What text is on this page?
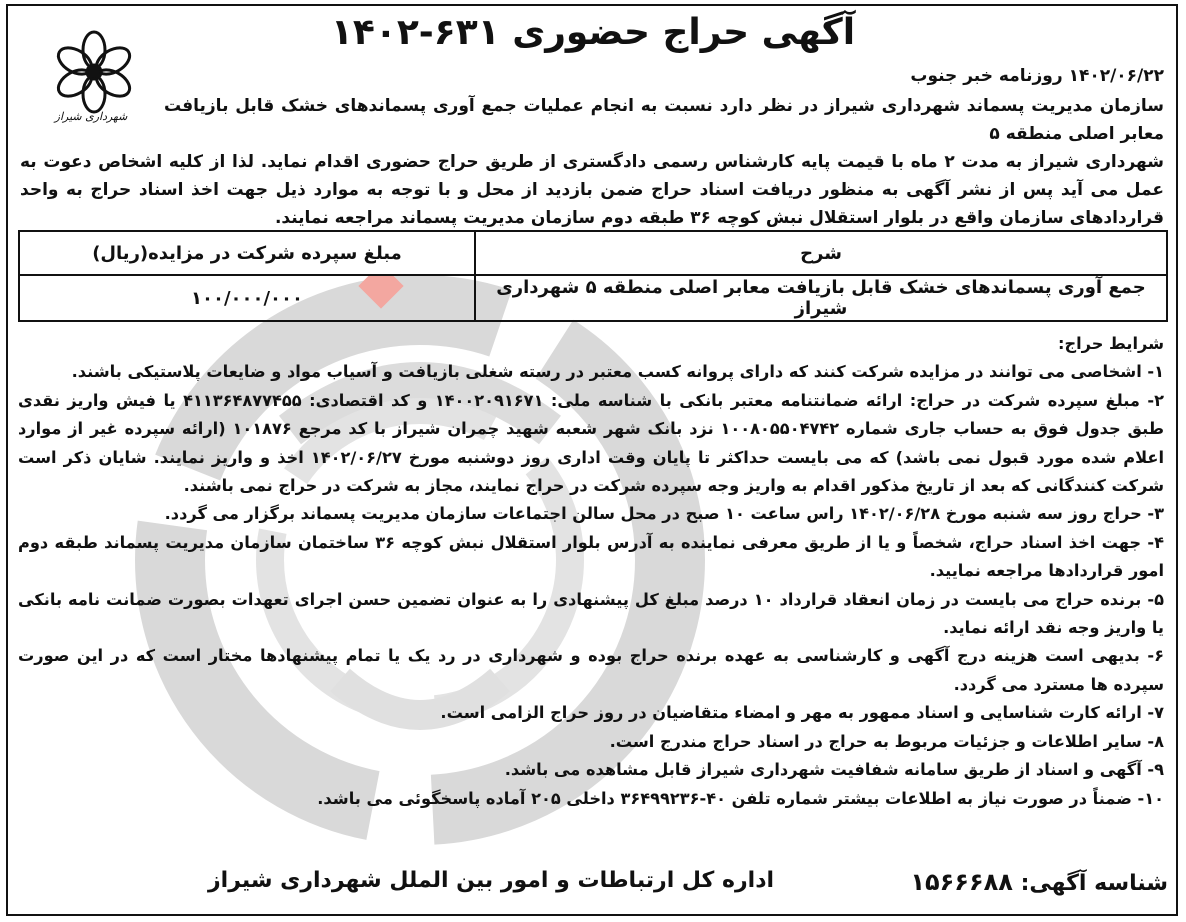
شهرداری شیراز
آگهی حراج حضوری ۶۳۱-۱۴۰۲
۱۴۰۲/۰۶/۲۲ روزنامه خبر جنوب
سازمان مدیریت پسماند شهرداری شیراز در نظر دارد نسبت به انجام عملیات جمع آوری پسماندهای خشک قابل بازیافت معابر اصلی منطقه ۵
شهرداری شیراز به مدت ۲ ماه با قیمت پایه کارشناس رسمی دادگستری از طریق حراج حضوری اقدام نماید. لذا از کلیه اشخاص دعوت به عمل می آید پس از نشر آگهی به منظور دریافت اسناد حراج ضمن بازدید از محل و با توجه به موارد ذیل جهت اخذ اسناد حراج به واحد قراردادهای سازمان واقع در بلوار استقلال نبش کوچه ۳۶ طبقه دوم سازمان مدیریت پسماند مراجعه نمایند.
شرح	مبلغ سپرده شرکت در مزایده(ریال)
جمع آوری پسماندهای خشک قابل بازیافت معابر اصلی منطقه ۵ شهرداری شیراز	۱۰۰/۰۰۰/۰۰۰

شرایط حراج:

۱- اشخاصی می توانند در مزایده شرکت کنند که دارای پروانه کسب معتبر در رسته شغلی بازیافت و آسیاب مواد و ضایعات پلاستیکی باشند.

۲- مبلغ سپرده شرکت در حراج: ارائه ضمانتنامه معتبر بانکی با شناسه ملی: ۱۴۰۰۲۰۹۱۶۷۱ و کد اقتصادی: ۴۱۱۳۶۴۸۷۷۴۵۵ یا فیش واریز نقدی طبق جدول فوق به حساب جاری شماره ۱۰۰۸۰۵۵۰۴۷۴۲ نزد بانک شهر شعبه شهید چمران شیراز با کد مرجع ۱۰۱۸۷۶ (ارائه سپرده غیر از موارد اعلام شده مورد قبول نمی باشد) که می بایست حداکثر تا پایان وقت اداری روز دوشنبه مورخ ۱۴۰۲/۰۶/۲۷ اخذ و واریز نمایند. شایان ذکر است شرکت کنندگانی که بعد از تاریخ مذکور اقدام به واریز وجه سپرده شرکت در حراج نمایند، مجاز به شرکت در حراج نمی باشند.

۳- حراج روز سه شنبه مورخ ۱۴۰۲/۰۶/۲۸ راس ساعت ۱۰ صبح در محل سالن اجتماعات سازمان مدیریت پسماند برگزار می گردد.

۴- جهت اخذ اسناد حراج، شخصاً و یا از طریق معرفی نماینده به آدرس بلوار استقلال نبش کوچه ۳۶ ساختمان سازمان مدیریت پسماند طبقه دوم امور قراردادها مراجعه نمایید.

۵- برنده حراج می بایست در زمان انعقاد قرارداد ۱۰ درصد مبلغ کل پیشنهادی را به عنوان تضمین حسن اجرای تعهدات بصورت ضمانت نامه بانکی یا واریز وجه نقد ارائه نماید.

۶- بدیهی است هزینه درج آگهی و کارشناسی به عهده برنده حراج بوده و شهرداری در رد یک یا تمام پیشنهادها مختار است که در این صورت سپرده ها مسترد می گردد.

۷- ارائه کارت شناسایی و اسناد ممهور به مهر و امضاء متقاضیان در روز حراج الزامی است.

۸- سایر اطلاعات و جزئیات مربوط به حراج در اسناد حراج مندرج است.

۹- آگهی و اسناد از طریق سامانه شفافیت شهرداری شیراز قابل مشاهده می باشد.

۱۰- ضمناً در صورت نیاز به اطلاعات بیشتر شماره تلفن ۴۰-۳۶۴۹۹۲۳۶ داخلی ۲۰۵ آماده پاسخگوئی می باشد.

شناسه آگهی: ۱۵۶۶۶۸۸
اداره کل ارتباطات و امور بین الملل شهرداری شیراز
